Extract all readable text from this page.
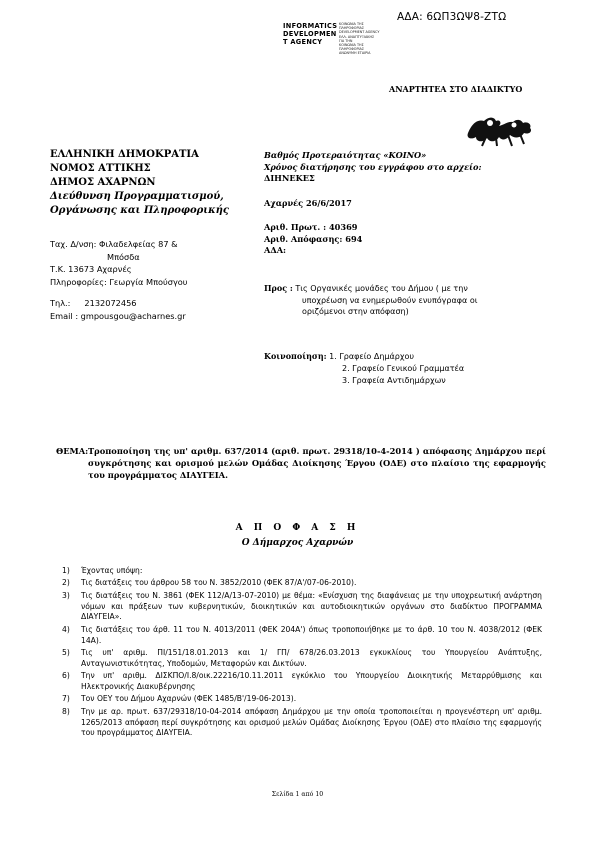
ΑΔΑ: 6ΩΠ3ΩΨ8-ΖΤΩ
INFORMATICS
DEVELOPMEN
T AGENCY
ΚΟΙΝΩΝΙΑ ΤΗΣ
ΠΛΗΡΟΦΟΡΙΑΣ
DEVELOPMENT AGENCY
ΕΛΛ. ΑΝΑΠΤΥΞΙΑΚΗΣ
ΓΙΑ ΤΗΝ
ΚΟΙΝΩΝΙΑ ΤΗΣ
ΠΛΗΡΟΦΟΡΙΑΣ
ΑΝΩΝΥΜΗ ΕΤΑΙΡΙΑ
ΑΝΑΡΤΗΤΕΑ ΣΤΟ ΔΙΑΔΙΚΤΥΟ
ΕΛΛΗΝΙΚΗ ΔΗΜΟΚΡΑΤΙΑ
ΝΟΜΟΣ ΑΤΤΙΚΗΣ
ΔΗΜΟΣ ΑΧΑΡΝΩΝ
Διεύθυνση Προγραμματισμού,
Οργάνωσης και Πληροφορικής
Ταχ. Δ/νση: Φιλαδελφείας 87 &
Μπόσδα
Τ.Κ. 13673 Αχαρνές
Πληροφορίες: Γεωργία Μπούσγου
Τηλ.: 2132072456
Email : gmpousgou@acharnes.gr
Βαθμός Προτεραιότητας «ΚΟΙΝΟ»
Χρόνος διατήρησης του εγγράφου στο αρχείο:
ΔΙΗΝΕΚΕΣ
Αχαρνές 26/6/2017
Αριθ. Πρωτ. : 40369
Αριθ. Απόφασης: 694
ΑΔΑ:
Προς : Τις Οργανικές μονάδες του Δήμου ( με την
υποχρέωση να ενημερωθούν ενυπόγραφα οι
οριζόμενοι στην απόφαση)
Κοινοποίηση: 1. Γραφείο Δημάρχου
2. Γραφείο Γενικού Γραμματέα
3. Γραφεία Αντιδημάρχων
ΘΕΜΑ: Τροποποίηση της υπ' αριθμ. 637/2014 (αριθ. πρωτ. 29318/10-4-2014 ) απόφασης Δημάρχου περί συγκρότησης και ορισμού μελών Ομάδας Διοίκησης Έργου (ΟΔΕ) στο πλαίσιο της εφαρμογής του προγράμματος ΔΙΑΥΓΕΙΑ.
Α Π Ο Φ Α Σ Η
Ο Δήμαρχος Αχαρνών
1) Έχοντας υπόψη:
2) Τις διατάξεις του άρθρου 58 του Ν. 3852/2010 (ΦΕΚ 87/Α'/07-06-2010).
3) Τις διατάξεις του Ν. 3861 (ΦΕΚ 112/Α/13-07-2010) με θέμα: «Ενίσχυση της διαφάνειας με την υποχρεωτική ανάρτηση νόμων και πράξεων των κυβερνητικών, διοικητικών και αυτοδιοικητικών οργάνων στο διαδίκτυο ΠΡΟΓΡΑΜΜΑ ΔΙΑΥΓΕΙΑ».
4) Τις διατάξεις του άρθ. 11 του Ν. 4013/2011 (ΦΕΚ 204Α') όπως τροποποιήθηκε με το άρθ. 10 του Ν. 4038/2012 (ΦΕΚ 14Α).
5) Τις υπ' αριθμ. ΠΙ/151/18.01.2013 και 1/ ΓΠ/ 678/26.03.2013 εγκυκλίους του Υπουργείου Ανάπτυξης, Ανταγωνιστικότητας, Υποδομών, Μεταφορών και Δικτύων.
6) Την υπ' αριθμ. ΔΙΣΚΠΟ/Ι.8/οικ.22216/10.11.2011 εγκύκλιο του Υπουργείου Διοικητικής Μεταρρύθμισης και Ηλεκτρονικής Διακυβέρνησης
7) Τον ΟΕΥ του Δήμου Αχαρνών (ΦΕΚ 1485/Β'/19-06-2013).
8) Την με αρ. πρωτ. 637/29318/10-04-2014 απόφαση Δημάρχου με την οποία τροποποιείται η προγενέστερη υπ' αριθμ. 1265/2013 απόφαση περί συγκρότησης και ορισμού μελών Ομάδας Διοίκησης Έργου (ΟΔΕ) στο πλαίσιο της εφαρμογής του προγράμματος ΔΙΑΥΓΕΙΑ.
Σελίδα 1 από 10
